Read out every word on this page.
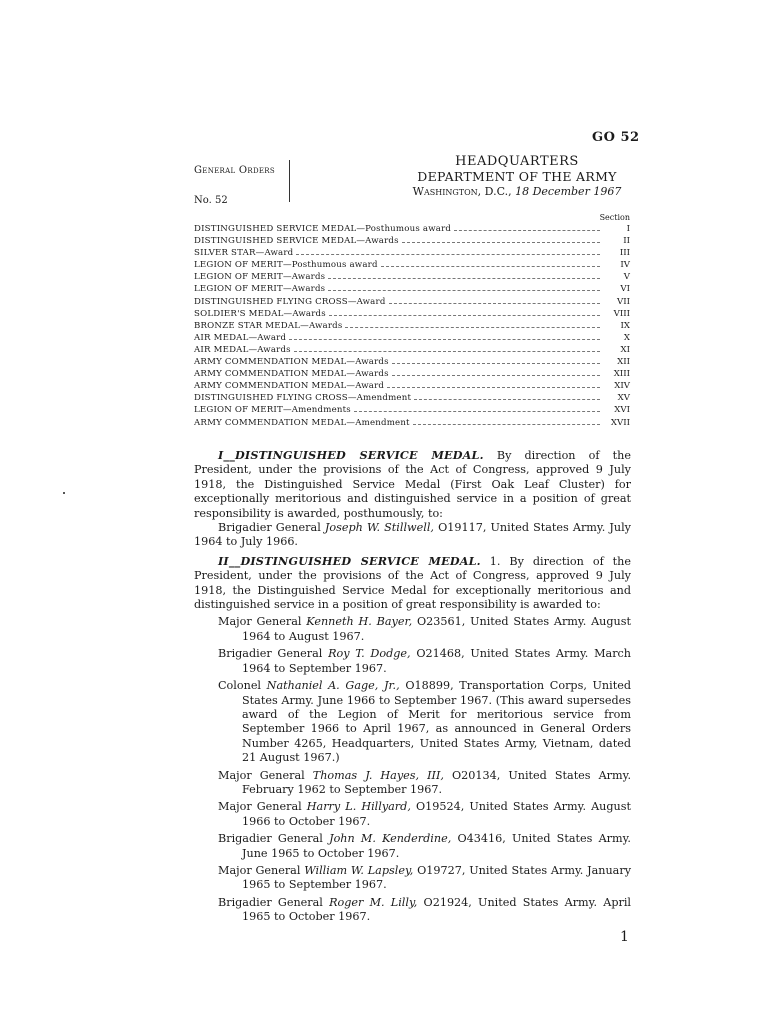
GO 52
General Orders
No. 52
HEADQUARTERS
DEPARTMENT OF THE ARMY
Washington, D.C., 18 December 1967
Section
DISTINGUISHED SERVICE MEDAL—Posthumous award	I
DISTINGUISHED SERVICE MEDAL—Awards	II
SILVER STAR—Award	III
LEGION OF MERIT—Posthumous award	IV
LEGION OF MERIT—Awards	V
LEGION OF MERIT—Awards	VI
DISTINGUISHED FLYING CROSS—Award	VII
SOLDIER'S MEDAL—Awards	VIII
BRONZE STAR MEDAL—Awards	IX
AIR MEDAL—Award	X
AIR MEDAL—Awards	XI
ARMY COMMENDATION MEDAL—Awards	XII
ARMY COMMENDATION MEDAL—Awards	XIII
ARMY COMMENDATION MEDAL—Award	XIV
DISTINGUISHED FLYING CROSS—Amendment	XV
LEGION OF MERIT—Amendments	XVI
ARMY COMMENDATION MEDAL—Amendment	XVII

I__DISTINGUISHED SERVICE MEDAL. By direction of the President, under the provisions of the Act of Congress, approved 9 July 1918, the Distinguished Service Medal (First Oak Leaf Cluster) for exceptionally meritorious and distinguished service in a position of great responsibility is awarded, posthumously, to:

Brigadier General Joseph W. Stillwell, O19117, United States Army. July 1964 to July 1966.

II__DISTINGUISHED SERVICE MEDAL. 1. By direction of the President, under the provisions of the Act of Congress, approved 9 July 1918, the Distinguished Service Medal for exceptionally meritorious and distinguished service in a position of great responsibility is awarded to:

Major General Kenneth H. Bayer, O23561, United States Army. August 1964 to August 1967.

Brigadier General Roy T. Dodge, O21468, United States Army. March 1964 to September 1967.

Colonel Nathaniel A. Gage, Jr., O18899, Transportation Corps, United States Army. June 1966 to September 1967. (This award supersedes award of the Legion of Merit for meritorious service from September 1966 to April 1967, as announced in General Orders Number 4265, Headquarters, United States Army, Vietnam, dated 21 August 1967.)

Major General Thomas J. Hayes, III, O20134, United States Army. February 1962 to September 1967.

Major General Harry L. Hillyard, O19524, United States Army. August 1966 to October 1967.

Brigadier General John M. Kenderdine, O43416, United States Army. June 1965 to October 1967.

Major General William W. Lapsley, O19727, United States Army. January 1965 to September 1967.

Brigadier General Roger M. Lilly, O21924, United States Army. April 1965 to October 1967.

1
